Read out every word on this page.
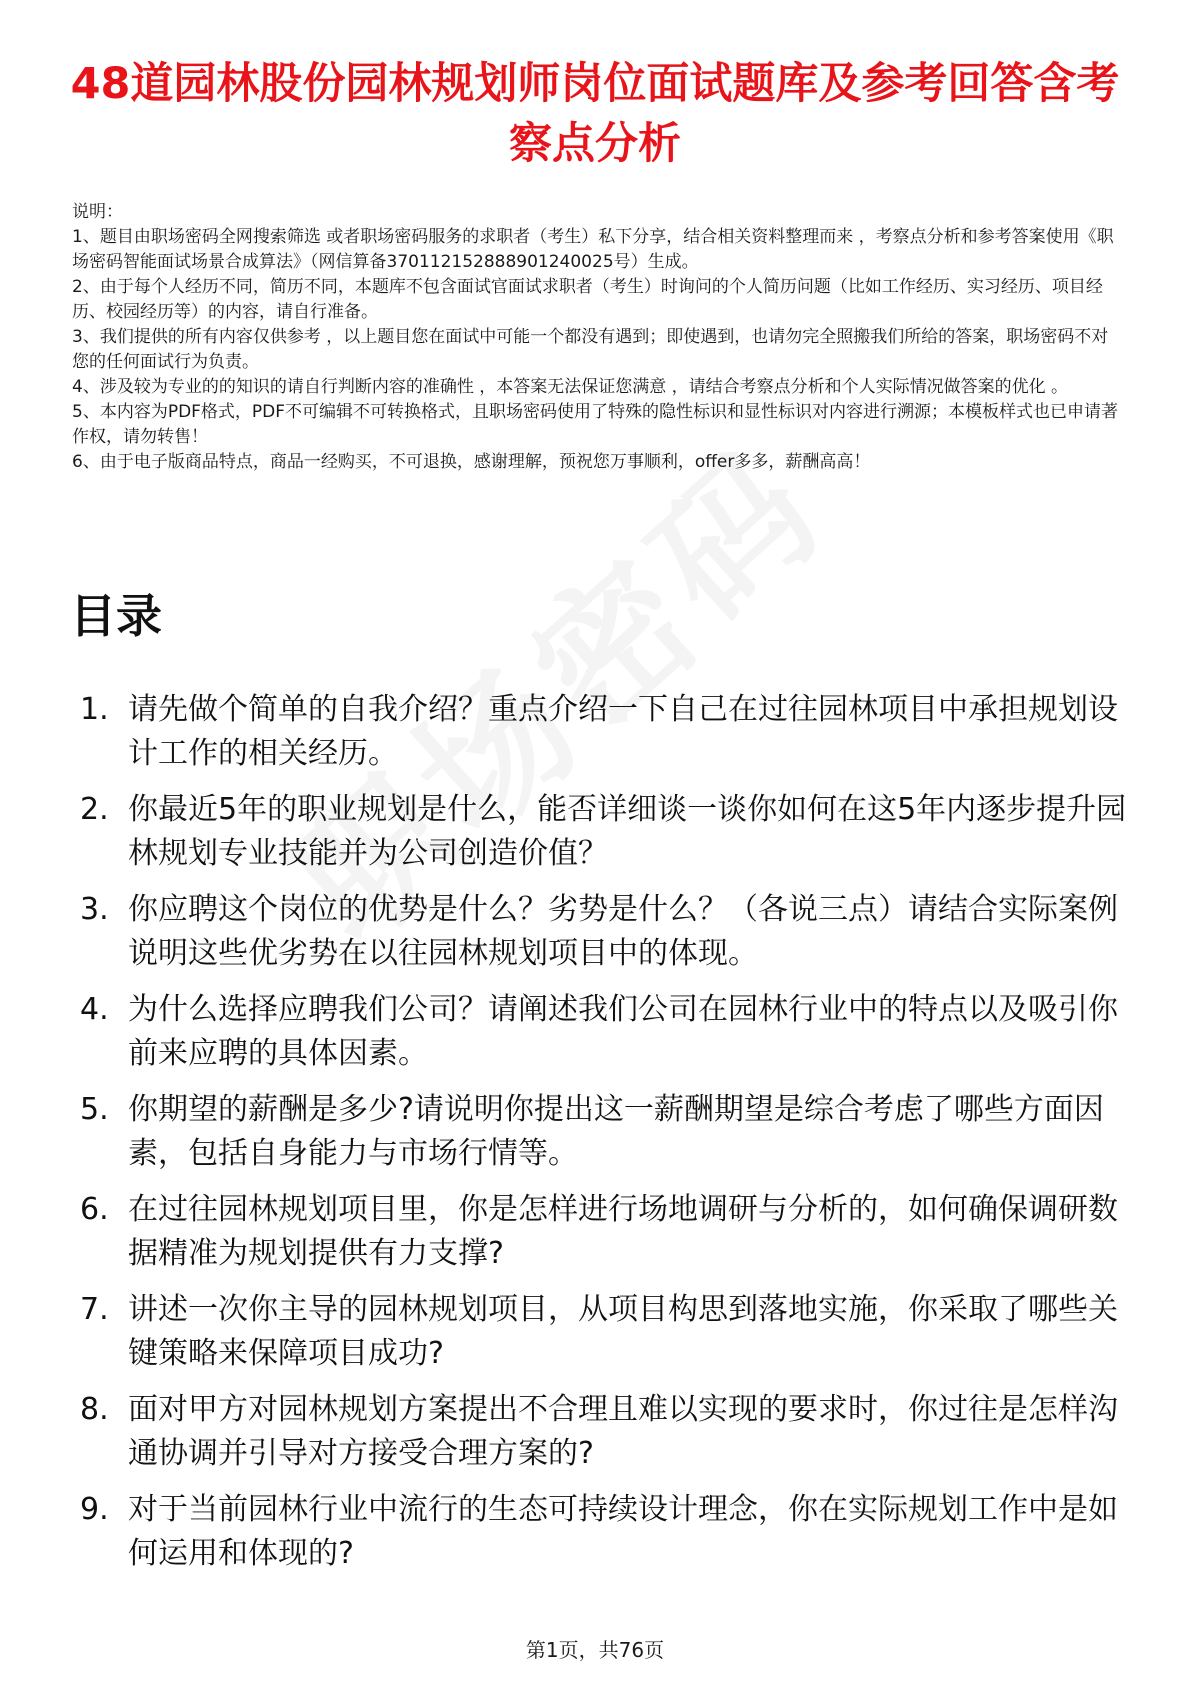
48道园林股份园林规划师岗位面试题库及参考回答含考察点分析

说明：

1、题目由职场密码全网搜索筛选 或者职场密码服务的求职者（考生）私下分享，结合相关资料整理而来 ，考察点分析和参考答案使用《职场密码智能面试场景合成算法》（网信算备370112152888901240025号）生成。

2、由于每个人经历不同，简历不同，本题库不包含面试官面试求职者（考生）时询问的个人简历问题（比如工作经历、实习经历、项目经历、校园经历等）的内容，请自行准备。

3、我们提供的所有内容仅供参考 ，以上题目您在面试中可能一个都没有遇到；即使遇到，也请勿完全照搬我们所给的答案，职场密码不对您的任何面试行为负责。

4、涉及较为专业的的知识的请自行判断内容的准确性 ，本答案无法保证您满意 ，请结合考察点分析和个人实际情况做答案的优化 。

5、本内容为PDF格式，PDF不可编辑不可转换格式，且职场密码使用了特殊的隐性标识和显性标识对内容进行溯源；本模板样式也已申请著作权，请勿转售！

6、由于电子版商品特点，商品一经购买，不可退换，感谢理解，预祝您万事顺利，offer多多，薪酬高高！

目录
1. 请先做个简单的自我介绍？重点介绍一下自己在过往园林项目中承担规划设计工作的相关经历。
2. 你最近5年的职业规划是什么，能否详细谈一谈你如何在这5年内逐步提升园林规划专业技能并为公司创造价值？
3. 你应聘这个岗位的优势是什么？劣势是什么？（各说三点）请结合实际案例说明这些优劣势在以往园林规划项目中的体现。
4. 为什么选择应聘我们公司？请阐述我们公司在园林行业中的特点以及吸引你前来应聘的具体因素。
5. 你期望的薪酬是多少?请说明你提出这一薪酬期望是综合考虑了哪些方面因素，包括自身能力与市场行情等。
6. 在过往园林规划项目里，你是怎样进行场地调研与分析的，如何确保调研数据精准为规划提供有力支撑?
7. 讲述一次你主导的园林规划项目，从项目构思到落地实施，你采取了哪些关键策略来保障项目成功?
8. 面对甲方对园林规划方案提出不合理且难以实现的要求时，你过往是怎样沟通协调并引导对方接受合理方案的?
9. 对于当前园林行业中流行的生态可持续设计理念，你在实际规划工作中是如何运用和体现的?
第1页，共76页
